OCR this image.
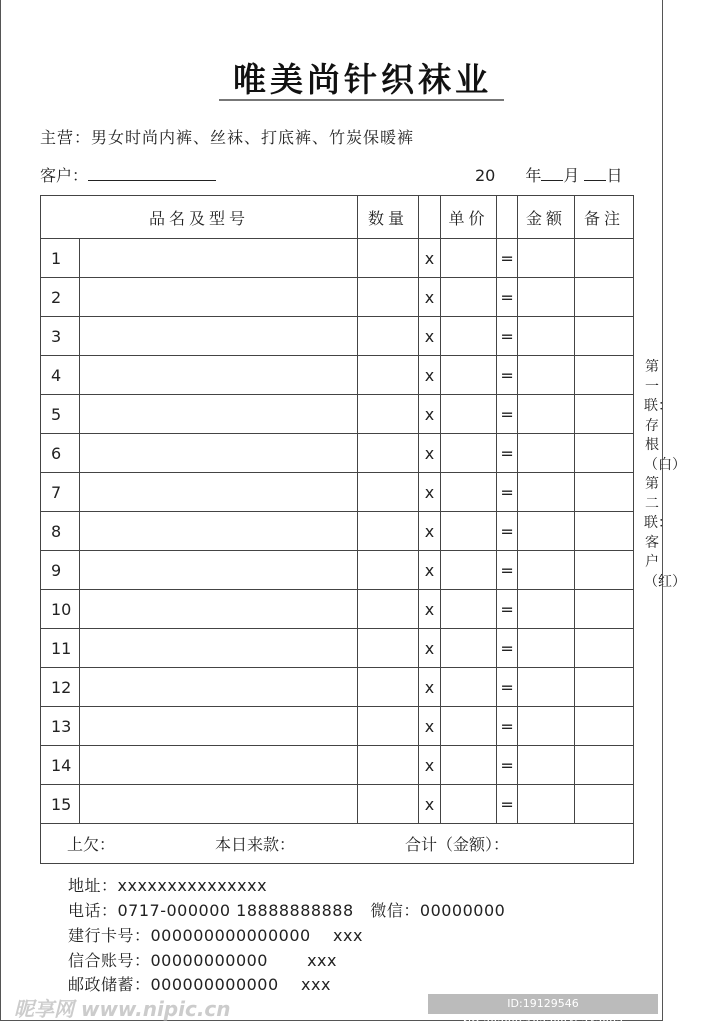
唯美尚针织袜业
主营：男女时尚内裤、丝袜、打底裤、竹炭保暖裤
客户：	20 年 月 日
品名及型号		数量		单价		金额	备注
1			x		=		
2			x		=		
3			x		=		
4			x		=		
5			x		=		
6			x		=		
7			x		=		
8			x		=		
9			x		=		
10			x		=		
11			x		=		
12			x		=		
13			x		=		
14			x		=		
15			x		=		
上欠： 本日来款： 合计（金额）：							
第一联：存根（白）第二联：客户（红）
地址：xxxxxxxxxxxxxxx
电话：0717-000000 18888888888   微信：00000000
建行卡号：000000000000000    xxx
信合账号：00000000000       xxx
邮政储蓄：000000000000    xxx
昵享网 www.nipic.cn	ID:19129546 NO:20200610230945343083
